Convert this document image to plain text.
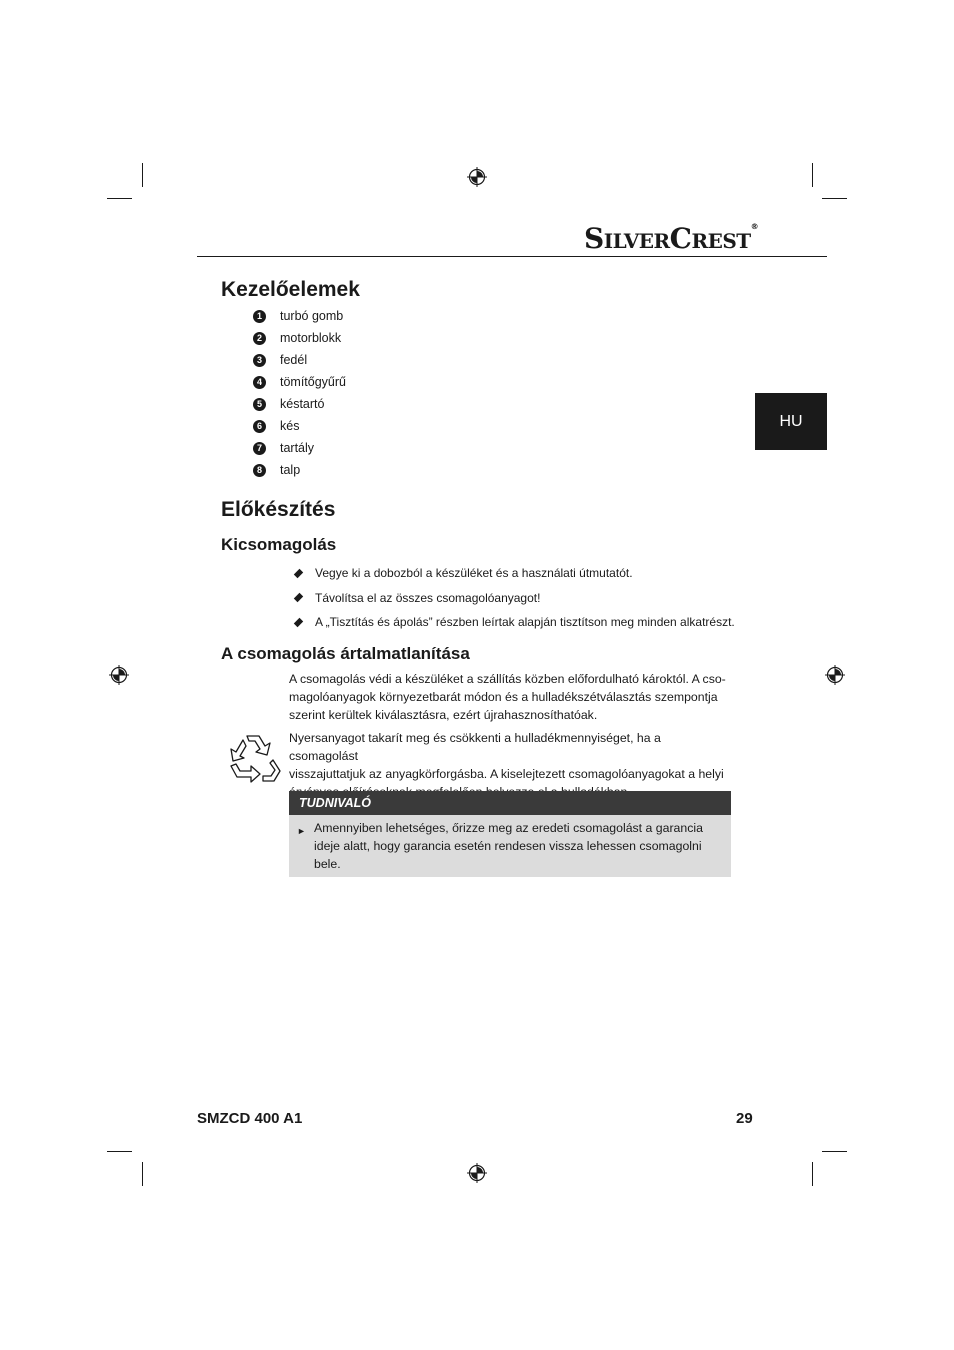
SILVERCREST®
HU
Kezelőelemek
1	turbó gomb
2	motorblokk
3	fedél
4	tömítőgyűrű
5	késtartó
6	kés
7	tartály
8	talp
Előkészítés
Kicsomagolás
Vegye ki a dobozból a készüléket és a használati útmutatót.
Távolítsa el az összes csomagolóanyagot!
A „Tisztítás és ápolás” részben leírtak alapján tisztítson meg minden alkatrészt.
A csomagolás ártalmatlanítása
A csomagolás védi a készüléket a szállítás közben előfordulható károktól. A cso-
magolóanyagok környezetbarát módon és a hulladékszétválasztás szempontja
szerint kerültek kiválasztásra, ezért újrahasznosíthatóak.
Nyersanyagot takarít meg és csökkenti a hulladékmennyiséget, ha a csomagolást
visszajuttatjuk az anyagkörforgásba. A kiselejtezett csomagolóanyagokat a helyi
TUDNIVALÓ
► Amennyiben lehetséges, őrizze meg az eredeti csomagolást a garancia
ideje alatt, hogy garancia esetén rendesen vissza lehessen csomagolni bele.
SMZCD 400 A1	29
